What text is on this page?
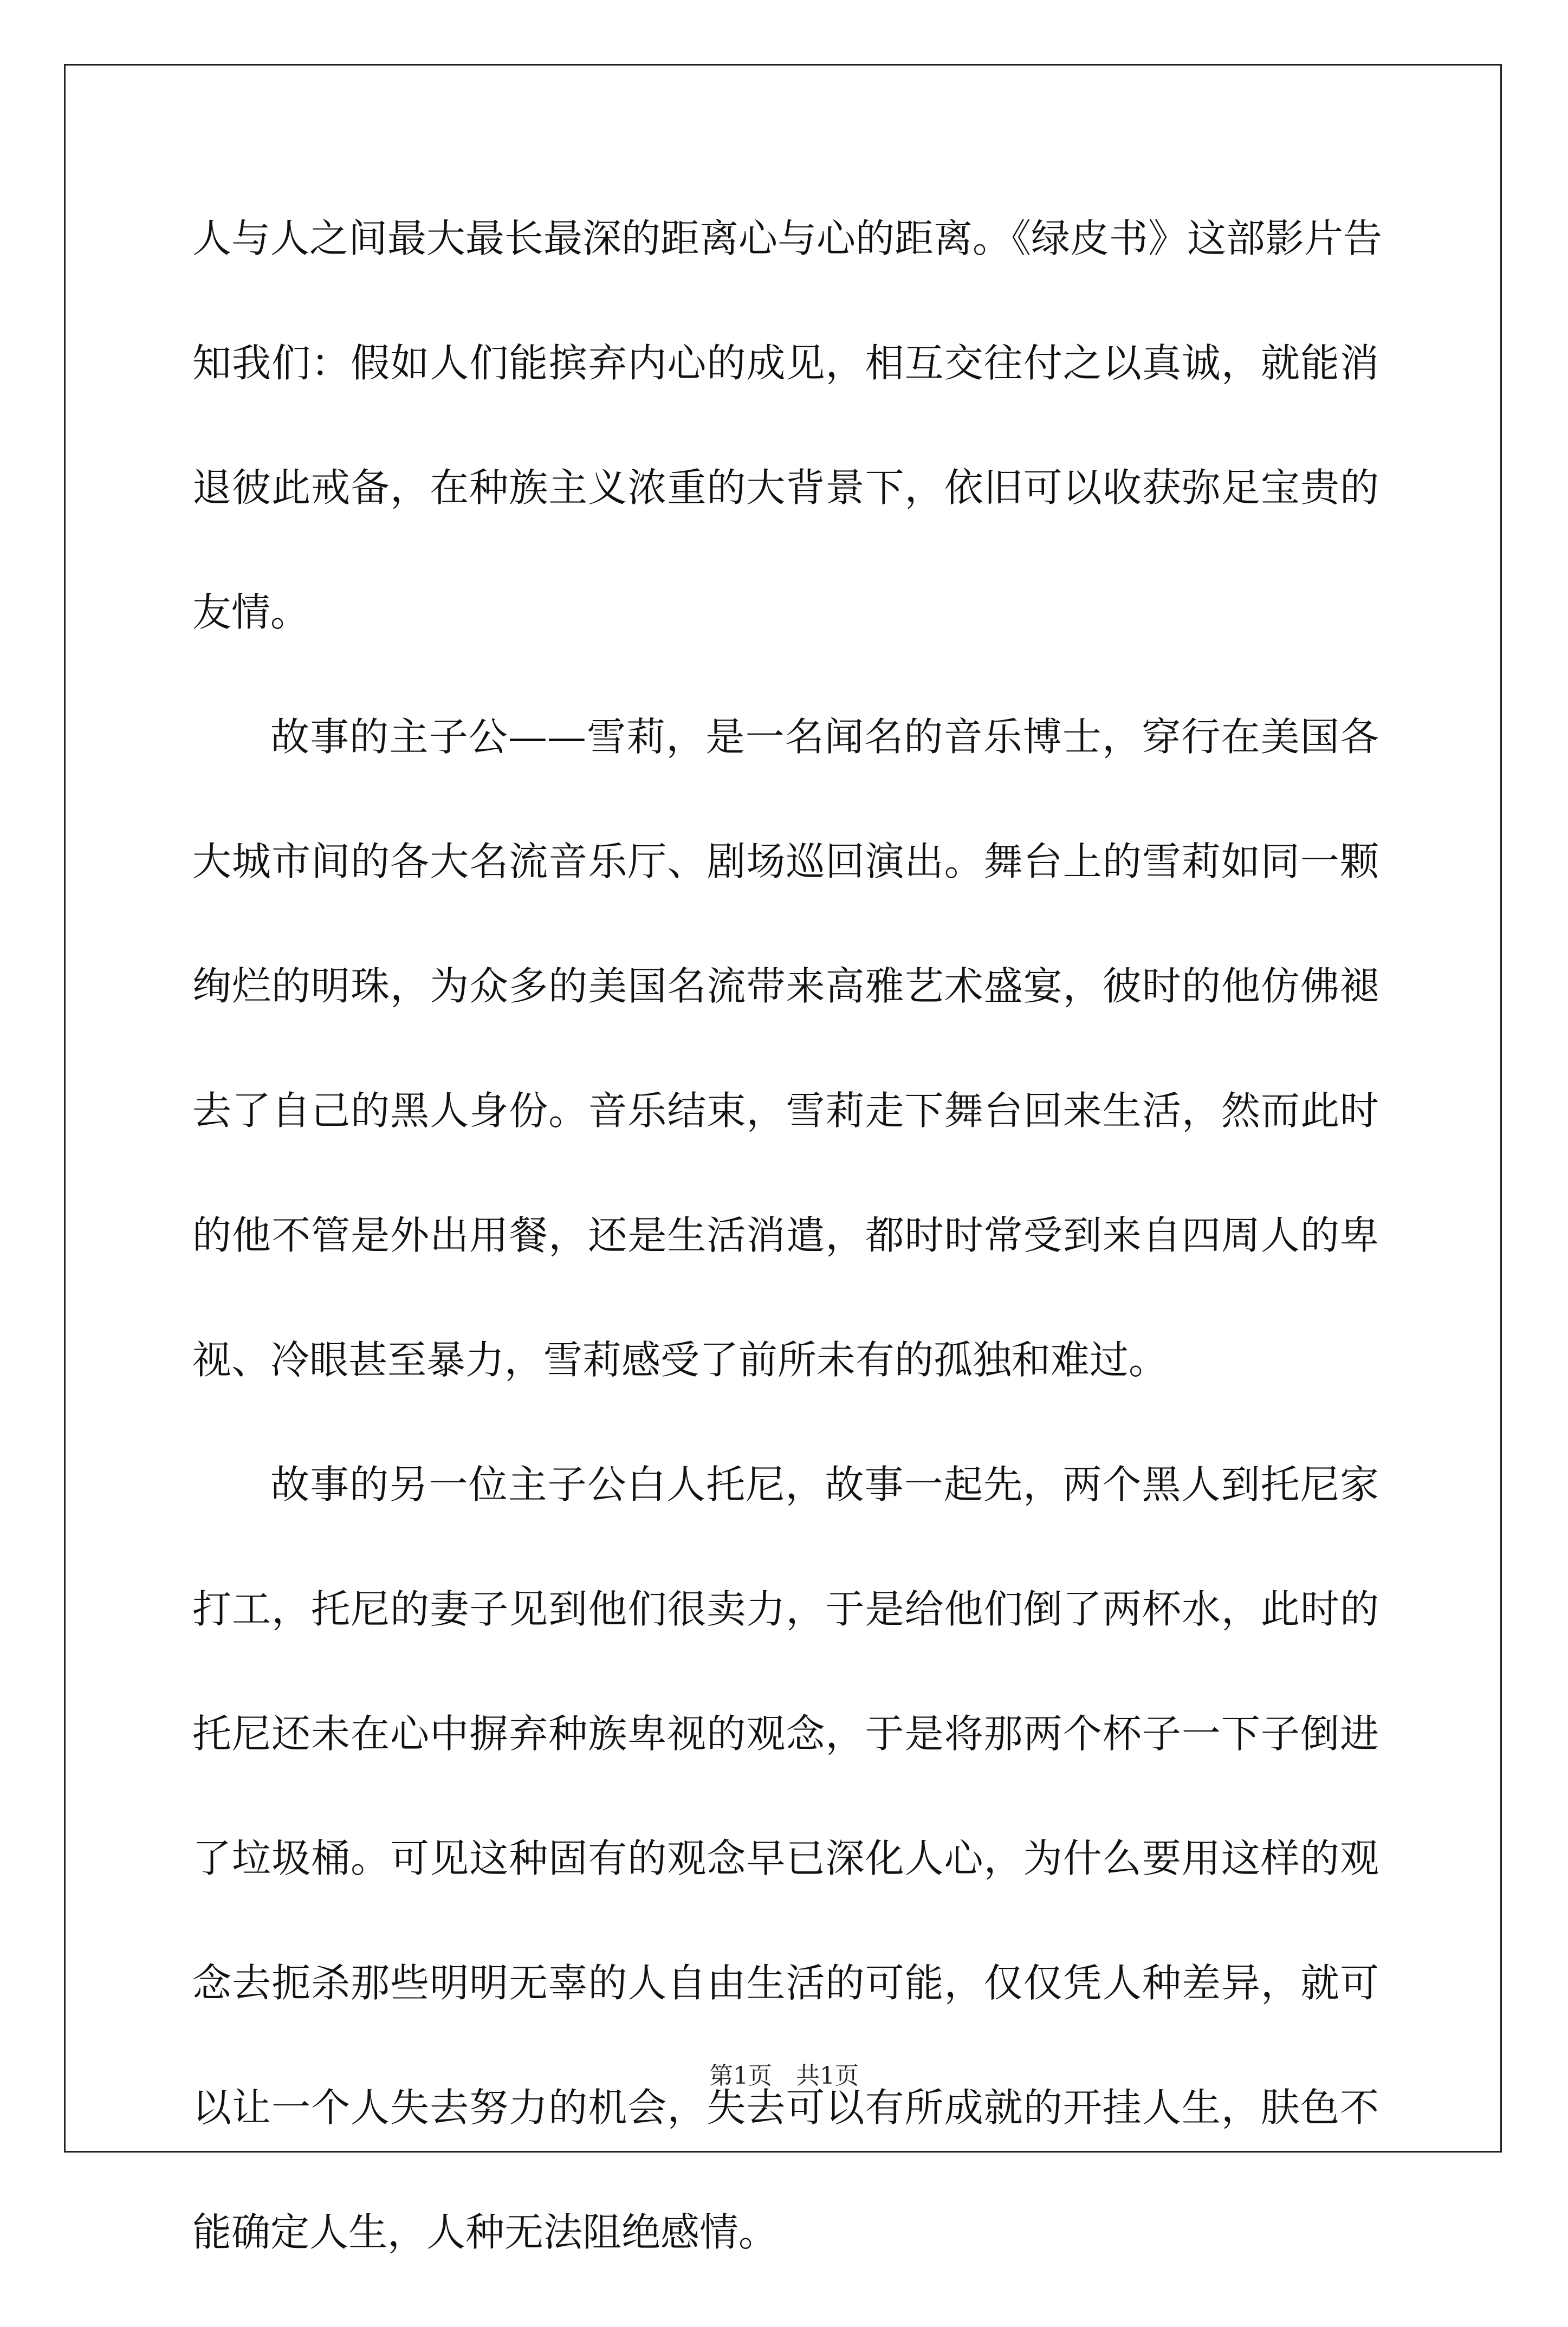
人与人之间最大最长最深的距离心与心的距离。《绿皮书》这部影片告
知我们：假如人们能摈弃内心的成见，相互交往付之以真诚，就能消
退彼此戒备，在种族主义浓重的大背景下，依旧可以收获弥足宝贵的
友情。
故事的主子公——雪莉，是一名闻名的音乐博士，穿行在美国各
大城市间的各大名流音乐厅、剧场巡回演出。舞台上的雪莉如同一颗
绚烂的明珠，为众多的美国名流带来高雅艺术盛宴，彼时的他仿佛褪
去了自己的黑人身份。音乐结束，雪莉走下舞台回来生活，然而此时
的他不管是外出用餐，还是生活消遣，都时时常受到来自四周人的卑
视、冷眼甚至暴力，雪莉感受了前所未有的孤独和难过。
故事的另一位主子公白人托尼，故事一起先，两个黑人到托尼家
打工，托尼的妻子见到他们很卖力，于是给他们倒了两杯水，此时的
托尼还未在心中摒弃种族卑视的观念，于是将那两个杯子一下子倒进
了垃圾桶。可见这种固有的观念早已深化人心，为什么要用这样的观
念去扼杀那些明明无辜的人自由生活的可能，仅仅凭人种差异，就可
以让一个人失去努力的机会，失去可以有所成就的开挂人生，肤色不
能确定人生，人种无法阻绝感情。
第1页　共1页
